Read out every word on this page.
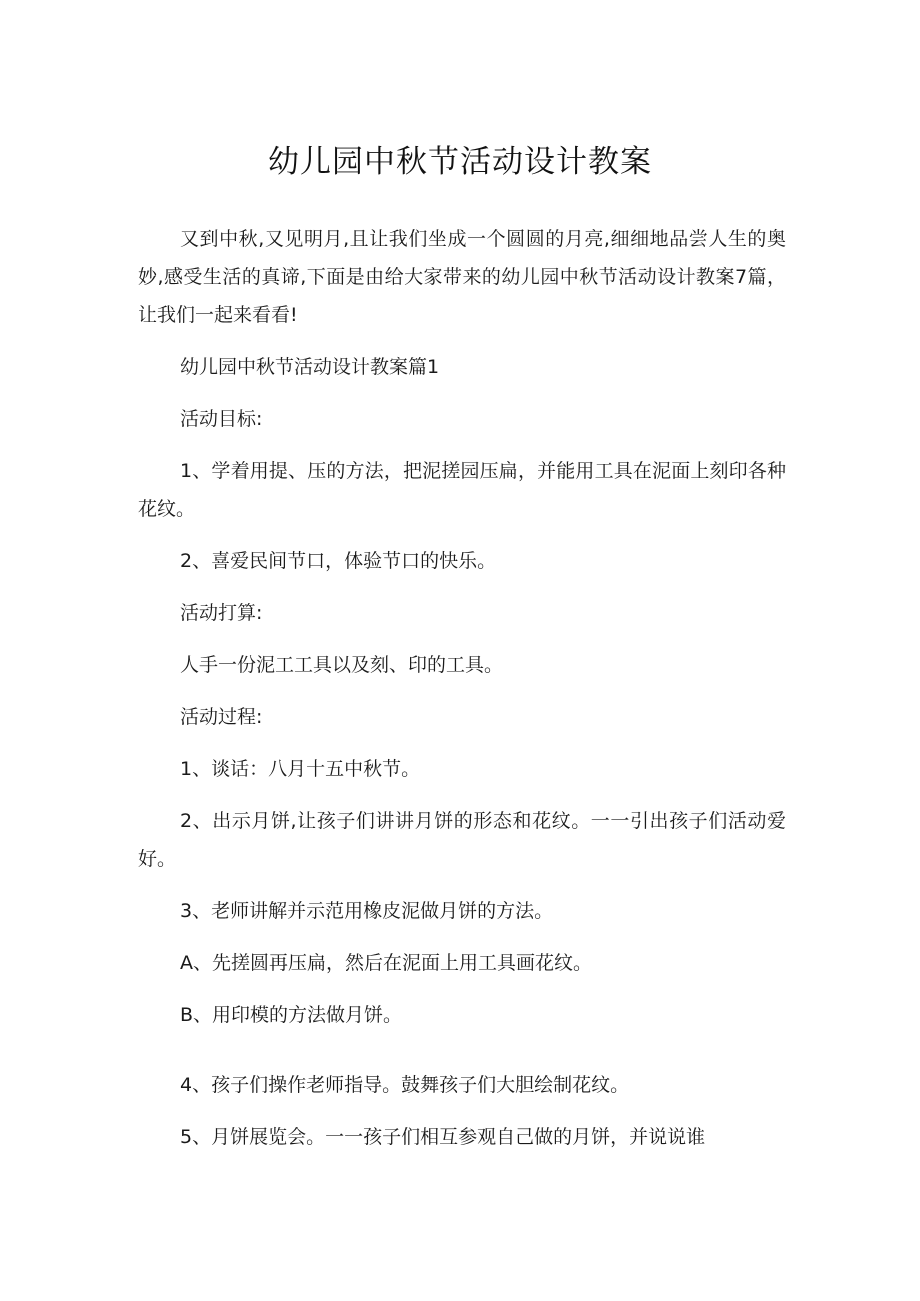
幼儿园中秋节活动设计教案

又到中秋,又见明月,且让我们坐成一个圆圆的月亮,细细地品尝人生的奥妙,感受生活的真谛,下面是由给大家带来的幼儿园中秋节活动设计教案7篇，让我们一起来看看!

幼儿园中秋节活动设计教案篇1

活动目标:

1、学着用提、压的方法，把泥搓园压扁，并能用工具在泥面上刻印各种花纹。

2、喜爱民间节口，体验节口的快乐。

活动打算:

人手一份泥工工具以及刻、印的工具。

活动过程:

1、谈话：八月十五中秋节。

2、出示月饼,让孩子们讲讲月饼的形态和花纹。一一引出孩子们活动爱好。

3、老师讲解并示范用橡皮泥做月饼的方法。

A、先搓圆再压扁，然后在泥面上用工具画花纹。

B、用印模的方法做月饼。

4、孩子们操作老师指导。鼓舞孩子们大胆绘制花纹。

5、月饼展览会。一一孩子们相互参观自己做的月饼，并说说谁
